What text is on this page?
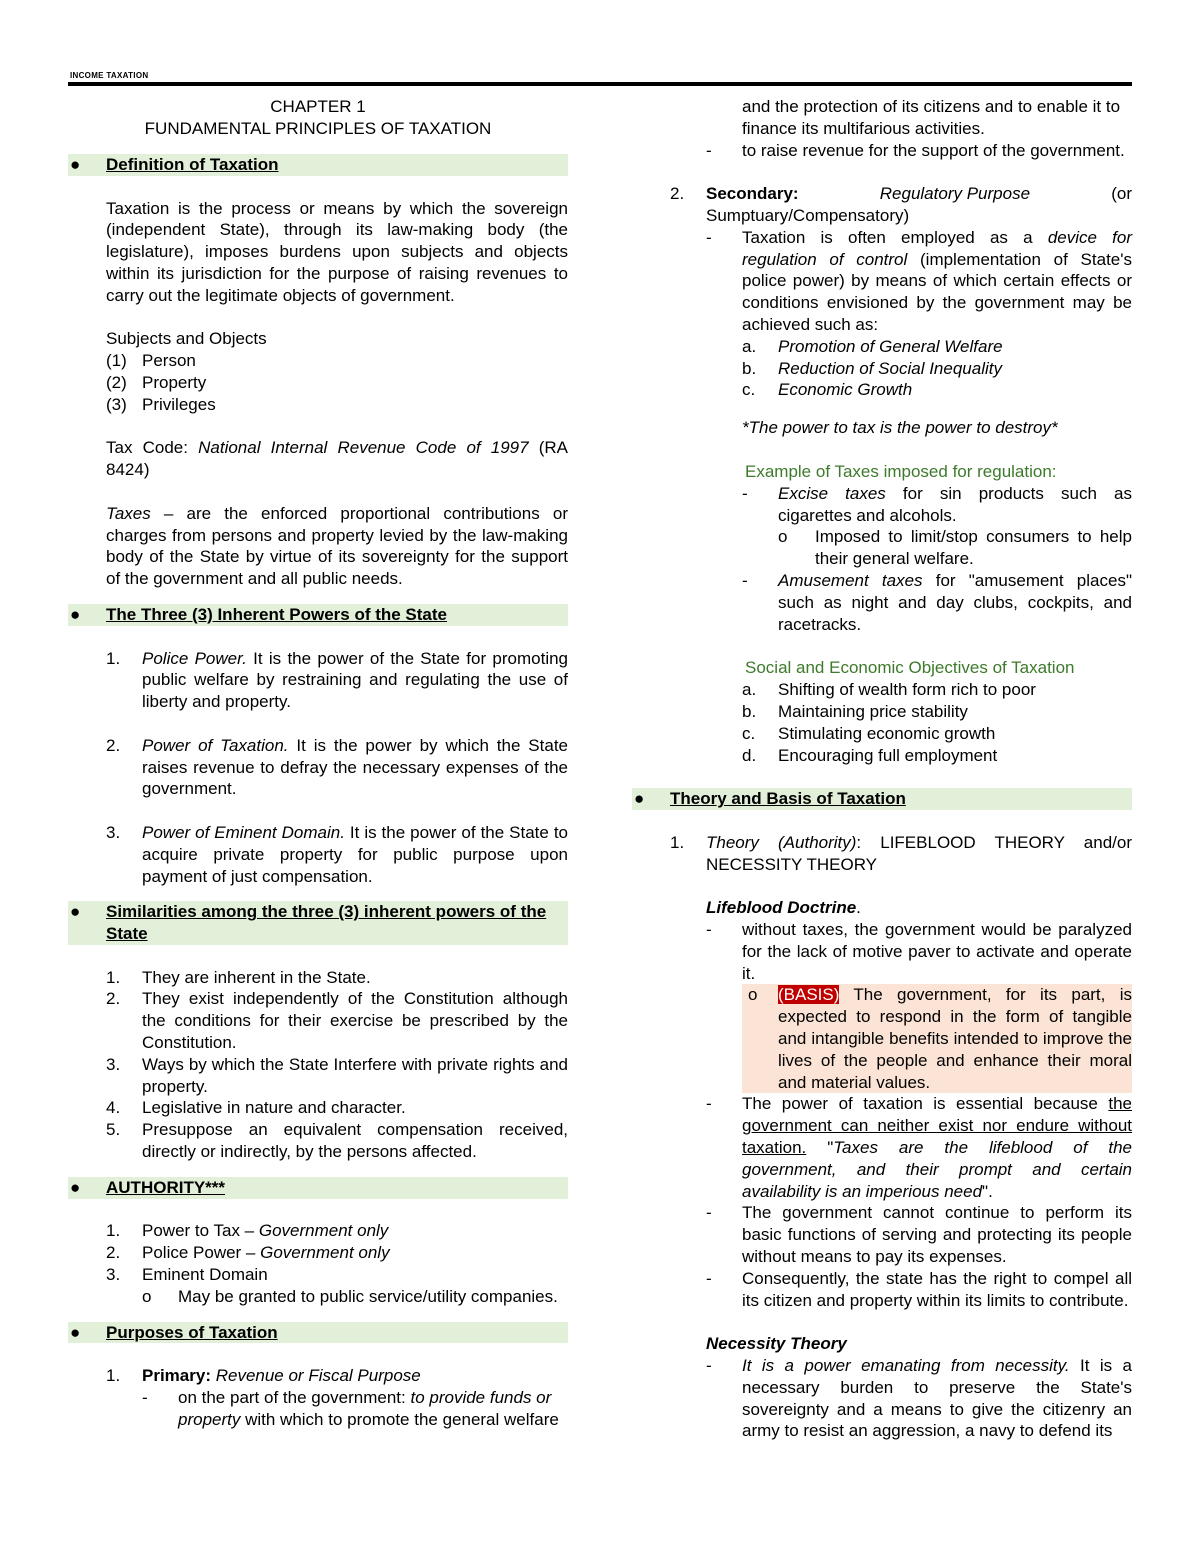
INCOME TAXATION

CHAPTER 1

FUNDAMENTAL PRINCIPLES OF TAXATION

● Definition of Taxation

Taxation is the process or means by which the sovereign (independent State), through its law-making body (the legislature), imposes burdens upon subjects and objects within its jurisdiction for the purpose of raising revenues to carry out the legitimate objects of government.

Subjects and Objects

(1) Person
(2) Property
(3) Privileges

Tax Code: National Internal Revenue Code of 1997 (RA 8424)

Taxes – are the enforced proportional contributions or charges from persons and property levied by the law-making body of the State by virtue of its sovereignty for the support of the government and all public needs.

● The Three (3) Inherent Powers of the State
1. Police Power. It is the power of the State for promoting public welfare by restraining and regulating the use of liberty and property.
2. Power of Taxation. It is the power by which the State raises revenue to defray the necessary expenses of the government.
3. Power of Eminent Domain. It is the power of the State to acquire private property for public purpose upon payment of just compensation.
● Similarities among the three (3) inherent powers of the State
1. They are inherent in the State.
2. They exist independently of the Constitution although the conditions for their exercise be prescribed by the Constitution.
3. Ways by which the State Interfere with private rights and property.
4. Legislative in nature and character.
5. Presuppose an equivalent compensation received, directly or indirectly, by the persons affected.
● AUTHORITY***
1. Power to Tax – Government only
2. Police Power – Government only
3. Eminent Domain
o May be granted to public service/utility companies.
● Purposes of Taxation
1. Primary: Revenue or Fiscal Purpose
- on the part of the government: to provide funds or property with which to promote the general welfare

and the protection of its citizens and to enable it to finance its multifarious activities.

- to raise revenue for the support of the government.
2. Secondary:	Regulatory Purpose	(or
Sumptuary/Compensatory)
- Taxation is often employed as a device for regulation of control (implementation of State's police power) by means of which certain effects or conditions envisioned by the government may be achieved such as:
a. Promotion of General Welfare
b. Reduction of Social Inequality
c. Economic Growth

*The power to tax is the power to destroy*

Example of Taxes imposed for regulation:

- Excise taxes for sin products such as cigarettes and alcohols.
o Imposed to limit/stop consumers to help their general welfare.
- Amusement taxes for "amusement places" such as night and day clubs, cockpits, and racetracks.

Social and Economic Objectives of Taxation

a. Shifting of wealth form rich to poor
b. Maintaining price stability
c. Stimulating economic growth
d. Encouraging full employment
● Theory and Basis of Taxation
1. Theory (Authority): LIFEBLOOD THEORY and/or NECESSITY THEORY

Lifeblood Doctrine.

- without taxes, the government would be paralyzed for the lack of motive paver to activate and operate it.
o (BASIS) The government, for its part, is expected to respond in the form of tangible and intangible benefits intended to improve the lives of the people and enhance their moral and material values.
- The power of taxation is essential because the government can neither exist nor endure without taxation. "Taxes are the lifeblood of the government, and their prompt and certain availability is an imperious need".
- The government cannot continue to perform its basic functions of serving and protecting its people without means to pay its expenses.
- Consequently, the state has the right to compel all its citizen and property within its limits to contribute.

Necessity Theory

- It is a power emanating from necessity. It is a necessary burden to preserve the State's sovereignty and a means to give the citizenry an army to resist an aggression, a navy to defend its
